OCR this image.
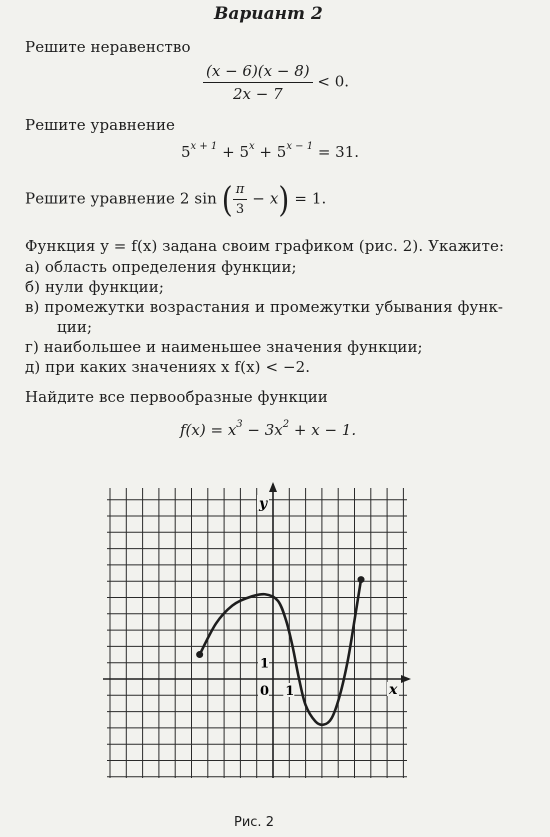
Вариант 2
Решите неравенство
$\frac{(x - 6)(x - 8)}{2x - 7} < 0$.
Решите уравнение
$5^{x + 1} + 5^x + 5^{x - 1} = 31$.
Решите уравнение 2 sin ( $\frac{\pi}{3} - x) = 1$.
Функция y = f(x) задана своим графиком (рис. 2). Укажите:
а) область определения функции;
б) нули функции;
в) промежутки возрастания и промежутки убывания функ-
ции;
г) наибольшее и наименьшее значения функции;
д) при каких значениях x f(x) < −2.
Найдите все первообразные функции
$f(x) = x^3 - 3x^2 + x - 1$.
x
y
0 1
1
Рис. 2
